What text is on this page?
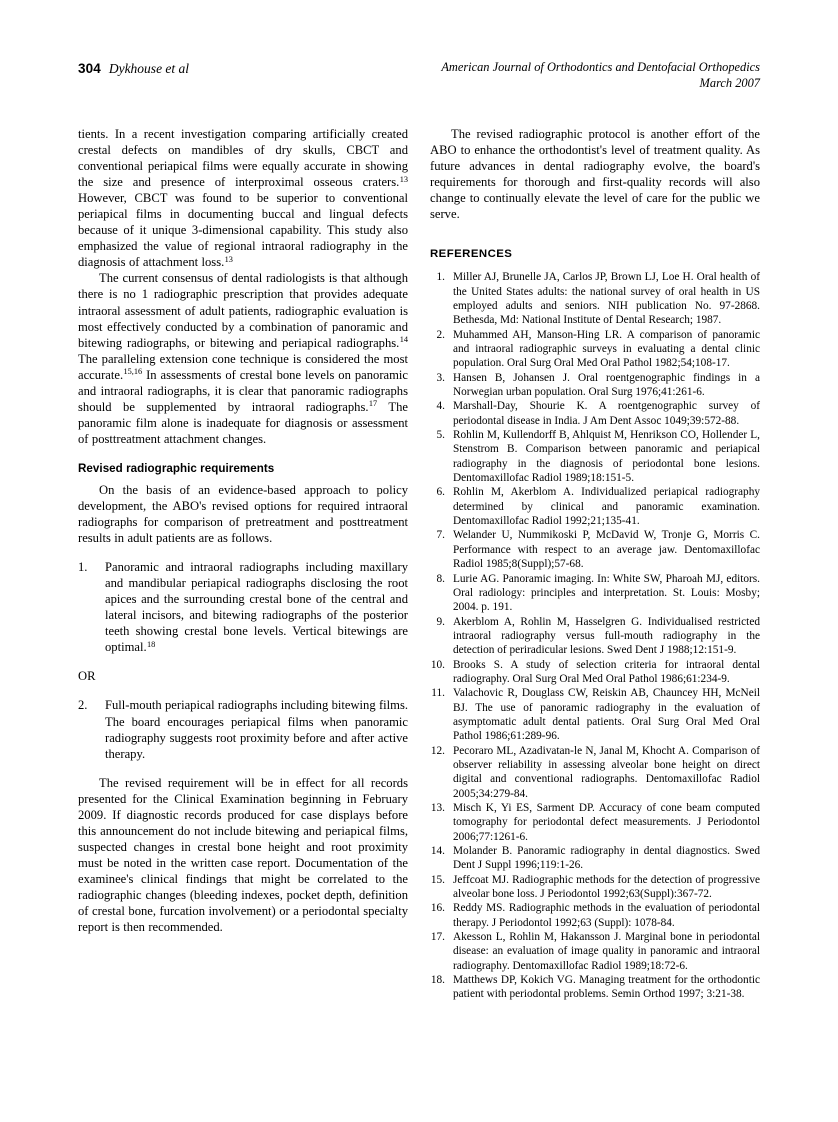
304 Dykhouse et al	American Journal of Orthodontics and Dentofacial Orthopedics
March 2007

tients. In a recent investigation comparing artificially created crestal defects on mandibles of dry skulls, CBCT and conventional periapical films were equally accurate in showing the size and presence of interproximal osseous craters.$^{13}$ However, CBCT was found to be superior to conventional periapical films in documenting buccal and lingual defects because of it unique 3-dimensional capability. This study also emphasized the value of regional intraoral radiography in the diagnosis of attachment loss.$^{13}$

The current consensus of dental radiologists is that although there is no 1 radiographic prescription that provides adequate intraoral assessment of adult patients, radiographic evaluation is most effectively conducted by a combination of panoramic and bitewing radiographs, or bitewing and periapical radiographs.$^{14}$ The paralleling extension cone technique is considered the most accurate.$^{15,16}$ In assessments of crestal bone levels on panoramic and intraoral radiographs, it is clear that panoramic radiographs should be supplemented by intraoral radiographs.$^{17}$ The panoramic film alone is inadequate for diagnosis or assessment of posttreatment attachment changes.

Revised radiographic requirements

On the basis of an evidence-based approach to policy development, the ABO's revised options for required intraoral radiographs for comparison of pretreatment and posttreatment results in adult patients are as follows.

1.	Panoramic and intraoral radiographs including maxillary and mandibular periapical radiographs disclosing the root apices and the surrounding crestal bone of the central and lateral incisors, and bitewing radiographs of the posterior teeth showing crestal bone levels. Vertical bitewings are optimal.$^{18}$

OR

2.	Full-mouth periapical radiographs including bitewing films. The board encourages periapical films when panoramic radiography suggests root proximity before and after active therapy.

The revised requirement will be in effect for all records presented for the Clinical Examination beginning in February 2009. If diagnostic records produced for case displays before this announcement do not include bitewing and periapical films, suspected changes in crestal bone height and root proximity must be noted in the written case report. Documentation of the examinee's clinical findings that might be correlated to the radiographic changes (bleeding indexes, pocket depth, definition of crestal bone, furcation involvement) or a periodontal specialty report is then recommended.

The revised radiographic protocol is another effort of the ABO to enhance the orthodontist's level of treatment quality. As future advances in dental radiography evolve, the board's requirements for thorough and first-quality records will also change to continually elevate the level of care for the public we serve.

REFERENCES
1. Miller AJ, Brunelle JA, Carlos JP, Brown LJ, Loe H. Oral health of the United States adults: the national survey of oral health in US employed adults and seniors. NIH publication No. 97-2868. Bethesda, Md: National Institute of Dental Research; 1987.
2. Muhammed AH, Manson-Hing LR. A comparison of panoramic and intraoral radiographic surveys in evaluating a dental clinic population. Oral Surg Oral Med Oral Pathol 1982;54;108-17.
3. Hansen B, Johansen J. Oral roentgenographic findings in a Norwegian urban population. Oral Surg 1976;41:261-6.
4. Marshall-Day, Shourie K. A roentgenographic survey of periodontal disease in India. J Am Dent Assoc 1049;39:572-88.
5. Rohlin M, Kullendorff B, Ahlquist M, Henrikson CO, Hollender L, Stenstrom B. Comparison between panoramic and periapical radiography in the diagnosis of periodontal bone lesions. Dentomaxillofac Radiol 1989;18:151-5.
6. Rohlin M, Akerblom A. Individualized periapical radiography determined by clinical and panoramic examination. Dentomaxillofac Radiol 1992;21;135-41.
7. Welander U, Nummikoski P, McDavid W, Tronje G, Morris C. Performance with respect to an average jaw. Dentomaxillofac Radiol 1985;8(Suppl);57-68.
8. Lurie AG. Panoramic imaging. In: White SW, Pharoah MJ, editors. Oral radiology: principles and interpretation. St. Louis: Mosby; 2004. p. 191.
9. Akerblom A, Rohlin M, Hasselgren G. Individualised restricted intraoral radiography versus full-mouth radiography in the detection of periradicular lesions. Swed Dent J 1988;12:151-9.
10. Brooks S. A study of selection criteria for intraoral dental radiography. Oral Surg Oral Med Oral Pathol 1986;61:234-9.
11. Valachovic R, Douglass CW, Reiskin AB, Chauncey HH, McNeil BJ. The use of panoramic radiography in the evaluation of asymptomatic adult dental patients. Oral Surg Oral Med Oral Pathol 1986;61:289-96.
12. Pecoraro ML, Azadivatan-le N, Janal M, Khocht A. Comparison of observer reliability in assessing alveolar bone height on direct digital and conventional radiographs. Dentomaxillofac Radiol 2005;34:279-84.
13. Misch K, Yi ES, Sarment DP. Accuracy of cone beam computed tomography for periodontal defect measurements. J Periodontol 2006;77:1261-6.
14. Molander B. Panoramic radiography in dental diagnostics. Swed Dent J Suppl 1996;119:1-26.
15. Jeffcoat MJ. Radiographic methods for the detection of progressive alveolar bone loss. J Periodontol 1992;63(Suppl):367-72.
16. Reddy MS. Radiographic methods in the evaluation of periodontal therapy. J Periodontol 1992;63 (Suppl): 1078-84.
17. Akesson L, Rohlin M, Hakansson J. Marginal bone in periodontal disease: an evaluation of image quality in panoramic and intraoral radiography. Dentomaxillofac Radiol 1989;18:72-6.
18. Matthews DP, Kokich VG. Managing treatment for the orthodontic patient with periodontal problems. Semin Orthod 1997; 3:21-38.
